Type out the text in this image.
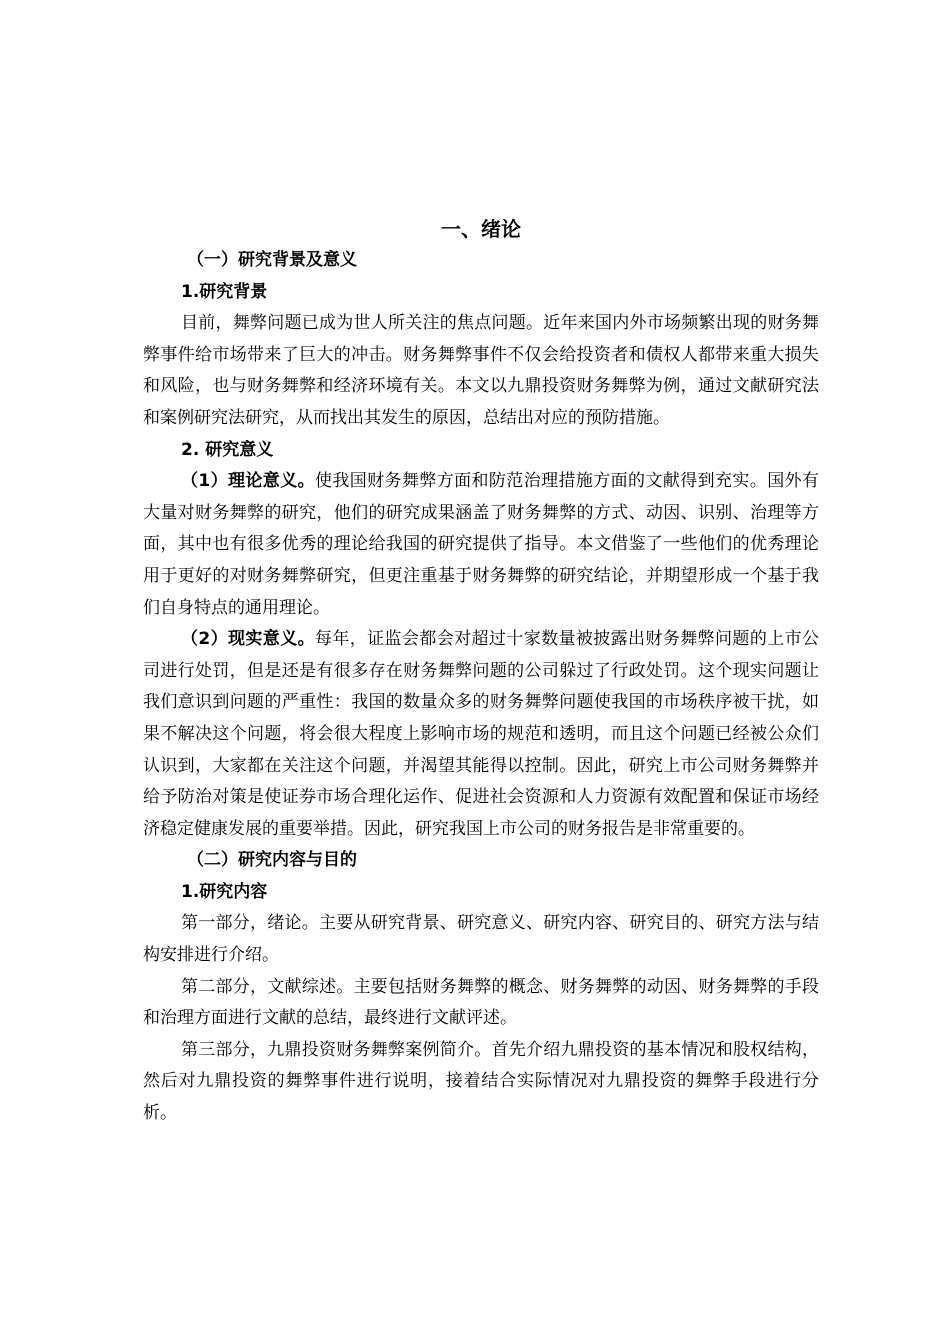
一、绪论
（一）研究背景及意义
1.研究背景

目前，舞弊问题已成为世人所关注的焦点问题。近年来国内外市场频繁出现的财务舞弊事件给市场带来了巨大的冲击。财务舞弊事件不仅会给投资者和债权人都带来重大损失和风险，也与财务舞弊和经济环境有关。本文以九鼎投资财务舞弊为例，通过文献研究法和案例研究法研究，从而找出其发生的原因，总结出对应的预防措施。

2. 研究意义

（1）理论意义。使我国财务舞弊方面和防范治理措施方面的文献得到充实。国外有大量对财务舞弊的研究，他们的研究成果涵盖了财务舞弊的方式、动因、识别、治理等方面，其中也有很多优秀的理论给我国的研究提供了指导。本文借鉴了一些他们的优秀理论用于更好的对财务舞弊研究，但更注重基于财务舞弊的研究结论，并期望形成一个基于我们自身特点的通用理论。

（2）现实意义。每年，证监会都会对超过十家数量被披露出财务舞弊问题的上市公司进行处罚，但是还是有很多存在财务舞弊问题的公司躲过了行政处罚。这个现实问题让我们意识到问题的严重性：我国的数量众多的财务舞弊问题使我国的市场秩序被干扰，如果不解决这个问题，将会很大程度上影响市场的规范和透明，而且这个问题已经被公众们认识到，大家都在关注这个问题，并渴望其能得以控制。因此，研究上市公司财务舞弊并给予防治对策是使证券市场合理化运作、促进社会资源和人力资源有效配置和保证市场经济稳定健康发展的重要举措。因此，研究我国上市公司的财务报告是非常重要的。

（二）研究内容与目的
1.研究内容

第一部分，绪论。主要从研究背景、研究意义、研究内容、研究目的、研究方法与结构安排进行介绍。

第二部分，文献综述。主要包括财务舞弊的概念、财务舞弊的动因、财务舞弊的手段和治理方面进行文献的总结，最终进行文献评述。

第三部分，九鼎投资财务舞弊案例简介。首先介绍九鼎投资的基本情况和股权结构，然后对九鼎投资的舞弊事件进行说明，接着结合实际情况对九鼎投资的舞弊手段进行分析。
